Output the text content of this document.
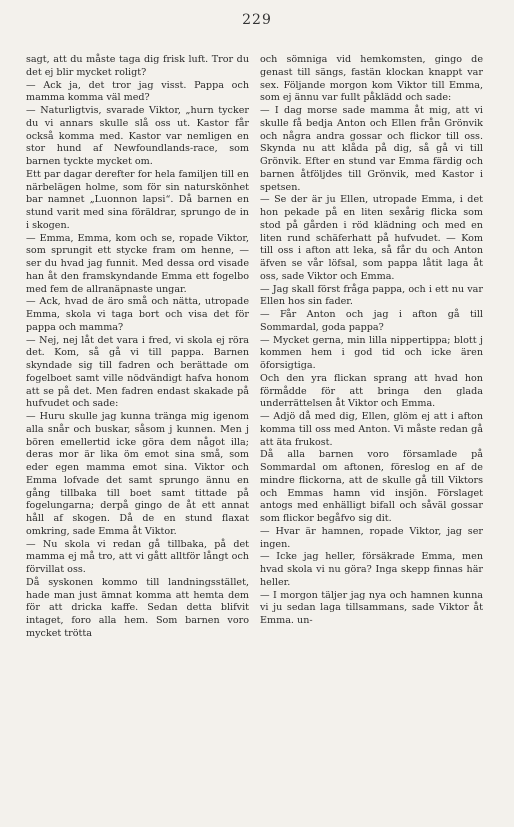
229

sagt, att du måste taga dig frisk luft. Tror du det ej blir mycket roligt?

— Ack ja, det tror jag visst. Pappa och mamma komma väl med?

— Naturligtvis, svarade Viktor, „hurn tycker du vi annars skulle slå oss ut. Kastor får också komma med. Kastor var nemligen en stor hund af Newfoundlands-race, som barnen tyckte mycket om.

Ett par dagar derefter for hela familjen till en närbelägen holme, som för sin naturskönhet bar namnet „Luonnon lapsi“. Då barnen en stund varit med sina föräldrar, sprungo de in i skogen.

— Emma, Emma, kom och se, ropade Viktor, som sprungit ett stycke fram om henne, — ser du hvad jag funnit. Med dessa ord visade han åt den framskyndande Emma ett fogelbo med fem de allranäpnaste ungar.

— Ack, hvad de äro små och nätta, utropade Emma, skola vi taga bort och visa det för pappa och mamma?

— Nej, nej låt det vara i fred, vi skola ej röra det. Kom, så gå vi till pappa. Barnen skyndade sig till fadren och berättade om fogelboet samt ville nödvändigt hafva honom att se på det. Men fadren endast skakade på hufvudet och sade:

— Huru skulle jag kunna tränga mig igenom alla snår och buskar, såsom j kunnen. Men j bören emellertid icke göra dem något illa; deras mor är lika öm emot sina små, som eder egen mamma emot sina. Viktor och Emma lofvade det samt sprungo ännu en gång tillbaka till boet samt tittade på fogelungarna; derpå gingo de åt ett annat håll af skogen. Då de en stund flaxat omkring, sade Emma åt Viktor.

— Nu skola vi redan gå tillbaka, på det mamma ej må tro, att vi gått alltför långt och förvillat oss.

Då syskonen kommo till landningsstället, hade man just ämnat komma att hemta dem för att dricka kaffe. Sedan detta blifvit intaget, foro alla hem. Som barnen voro mycket trötta

och sömniga vid hemkomsten, gingo de genast till sängs, fastän klockan knappt var sex. Följande morgon kom Viktor till Emma, som ej ännu var fullt påklädd och sade:

— I dag morse sade mamma åt mig, att vi skulle få bedja Anton och Ellen från Grönvik och några andra gossar och flickor till oss. Skynda nu att klåda på dig, så gå vi till Grönvik. Efter en stund var Emma färdig och barnen åtföljdes till Grönvik, med Kastor i spetsen.

— Se der är ju Ellen, utropade Emma, i det hon pekade på en liten sexårig flicka som stod på gården i röd klädning och med en liten rund schäferhatt på hufvudet. — Kom till oss i afton att leka, så får du och Anton äfven se vår löfsal, som pappa låtit laga åt oss, sade Viktor och Emma.

— Jag skall först fråga pappa, och i ett nu var Ellen hos sin fader.

— Får Anton och jag i afton gå till Sommardal, goda pappa?

— Mycket gerna, min lilla nippertippa; blott j kommen hem i god tid och icke ären öforsigtiga.

Och den yra flickan sprang att hvad hon förmådde för att bringa den glada underrättelsen åt Viktor och Emma.

— Adjö då med dig, Ellen, glöm ej att i afton komma till oss med Anton. Vi måste redan gå att äta frukost.

Då alla barnen voro församlade på Sommardal om aftonen, föreslog en af de mindre flickorna, att de skulle gå till Viktors och Emmas hamn vid insjön. Förslaget antogs med enhälligt bifall och såväl gossar som flickor begåfvo sig dit.

— Hvar är hamnen, ropade Viktor, jag ser ingen.

— Icke jag heller, försäkrade Emma, men hvad skola vi nu göra? Inga skepp finnas här heller.

— I morgon täljer jag nya och hamnen kunna vi ju sedan laga tillsammans, sade Viktor åt Emma. un-
